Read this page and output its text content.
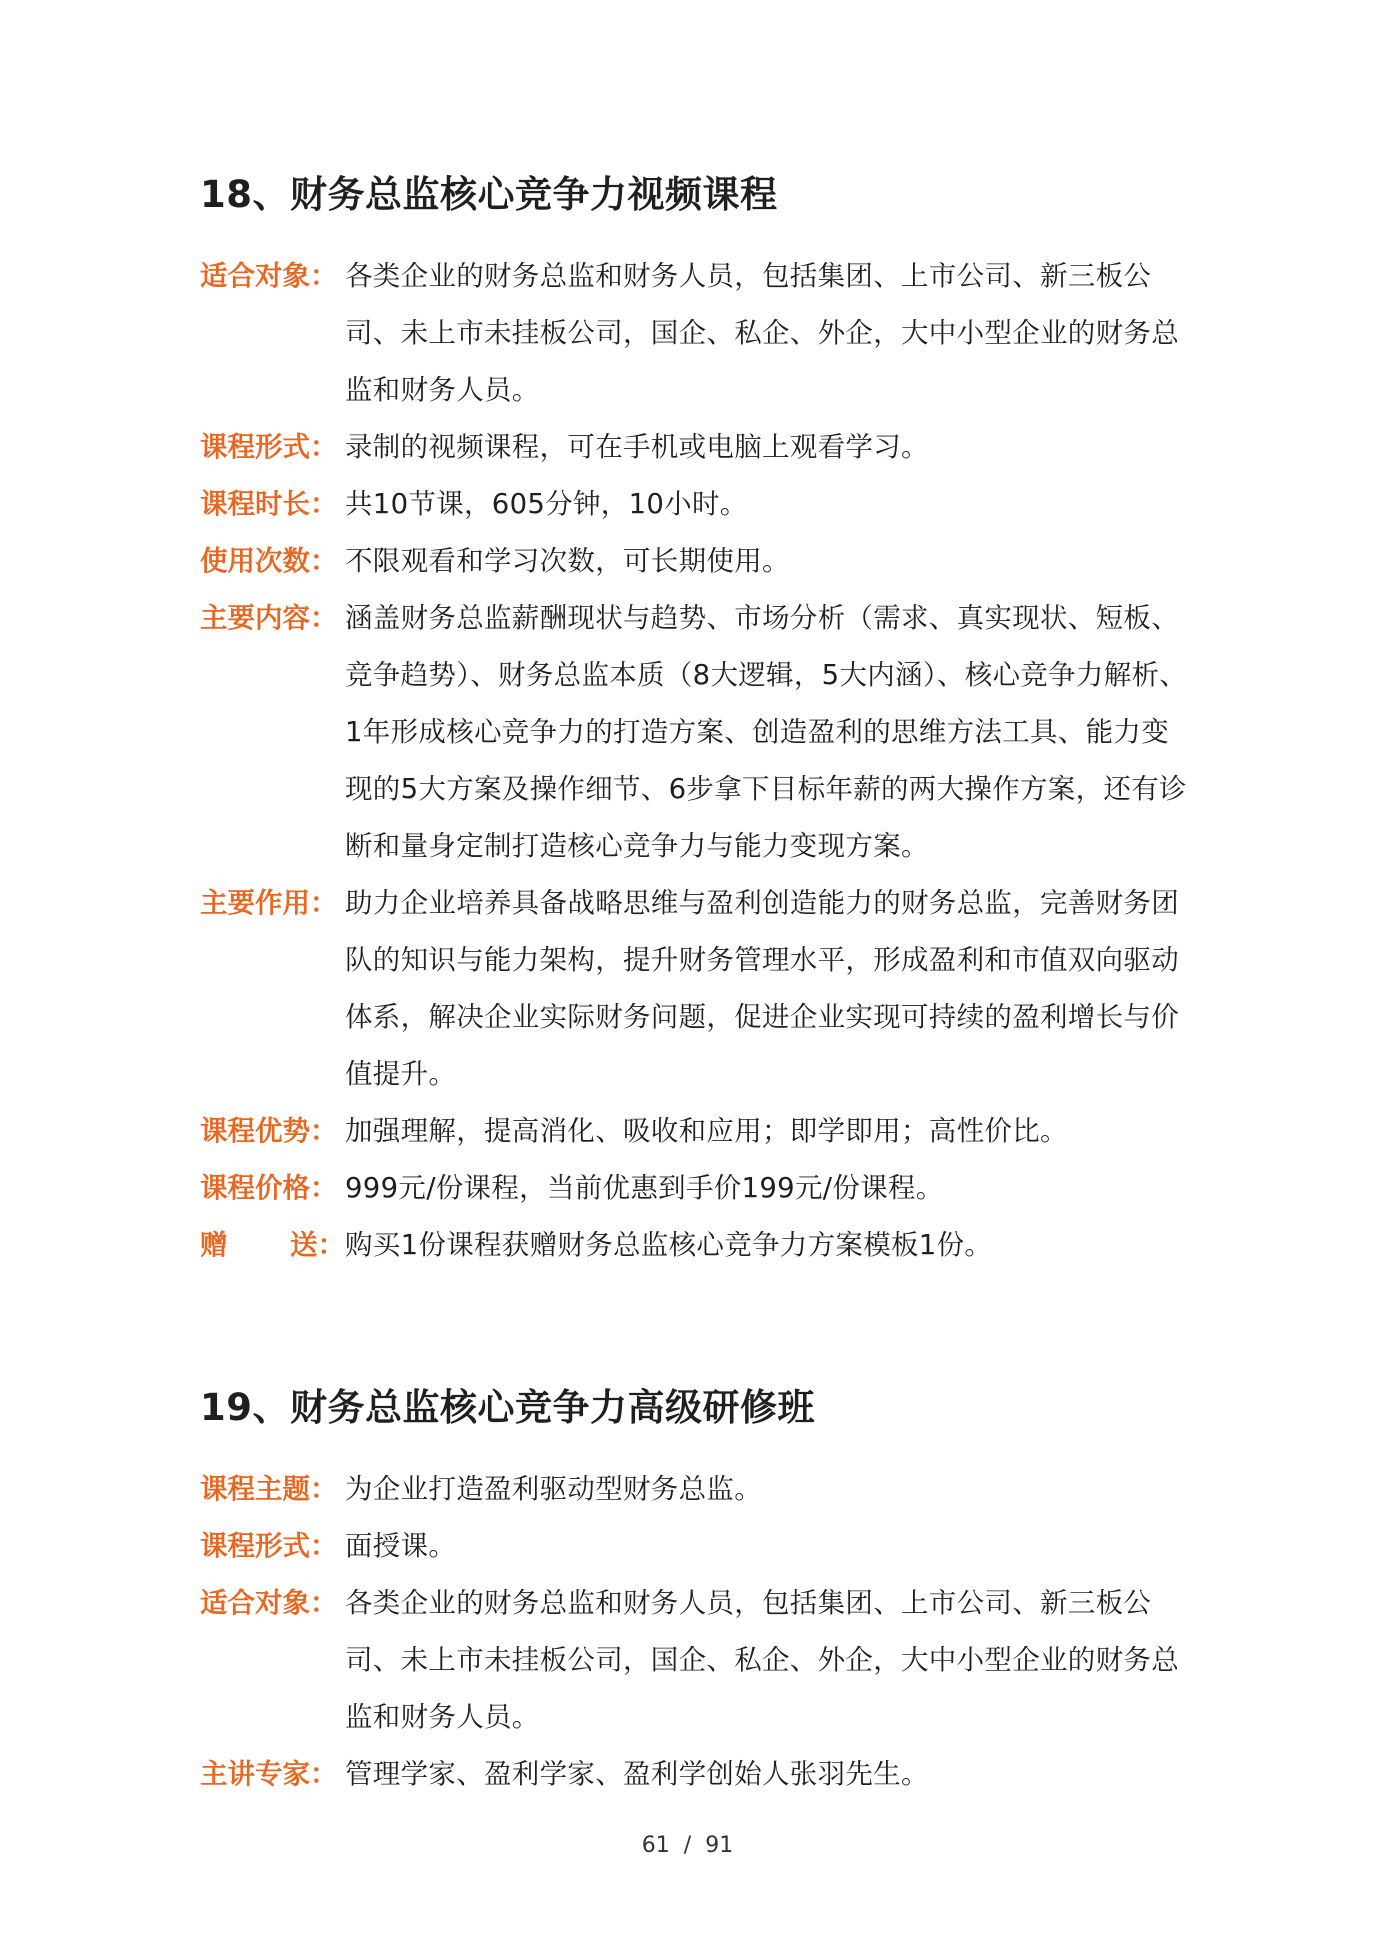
18、财务总监核心竞争力视频课程
适合对象： 各类企业的财务总监和财务人员，包括集团、上市公司、新三板公司、未上市未挂板公司，国企、私企、外企，大中小型企业的财务总监和财务人员。
课程形式： 录制的视频课程，可在手机或电脑上观看学习。
课程时长： 共10节课，605分钟，10小时。
使用次数： 不限观看和学习次数，可长期使用。
主要内容： 涵盖财务总监薪酬现状与趋势、市场分析（需求、真实现状、短板、竞争趋势）、财务总监本质（8大逻辑，5大内涵）、核心竞争力解析、1年形成核心竞争力的打造方案、创造盈利的思维方法工具、能力变现的5大方案及操作细节、6步拿下目标年薪的两大操作方案，还有诊断和量身定制打造核心竞争力与能力变现方案。
主要作用： 助力企业培养具备战略思维与盈利创造能力的财务总监，完善财务团队的知识与能力架构，提升财务管理水平，形成盈利和市值双向驱动体系，解决企业实际财务问题，促进企业实现可持续的盈利增长与价值提升。
课程优势： 加强理解，提高消化、吸收和应用；即学即用；高性价比。
课程价格： 999元/份课程，当前优惠到手价199元/份课程。
赠 送： 购买1份课程获赠财务总监核心竞争力方案模板1份。
19、财务总监核心竞争力高级研修班
课程主题： 为企业打造盈利驱动型财务总监。
课程形式： 面授课。
适合对象： 各类企业的财务总监和财务人员，包括集团、上市公司、新三板公司、未上市未挂板公司，国企、私企、外企，大中小型企业的财务总监和财务人员。
主讲专家： 管理学家、盈利学家、盈利学创始人张羽先生。
61 / 91
